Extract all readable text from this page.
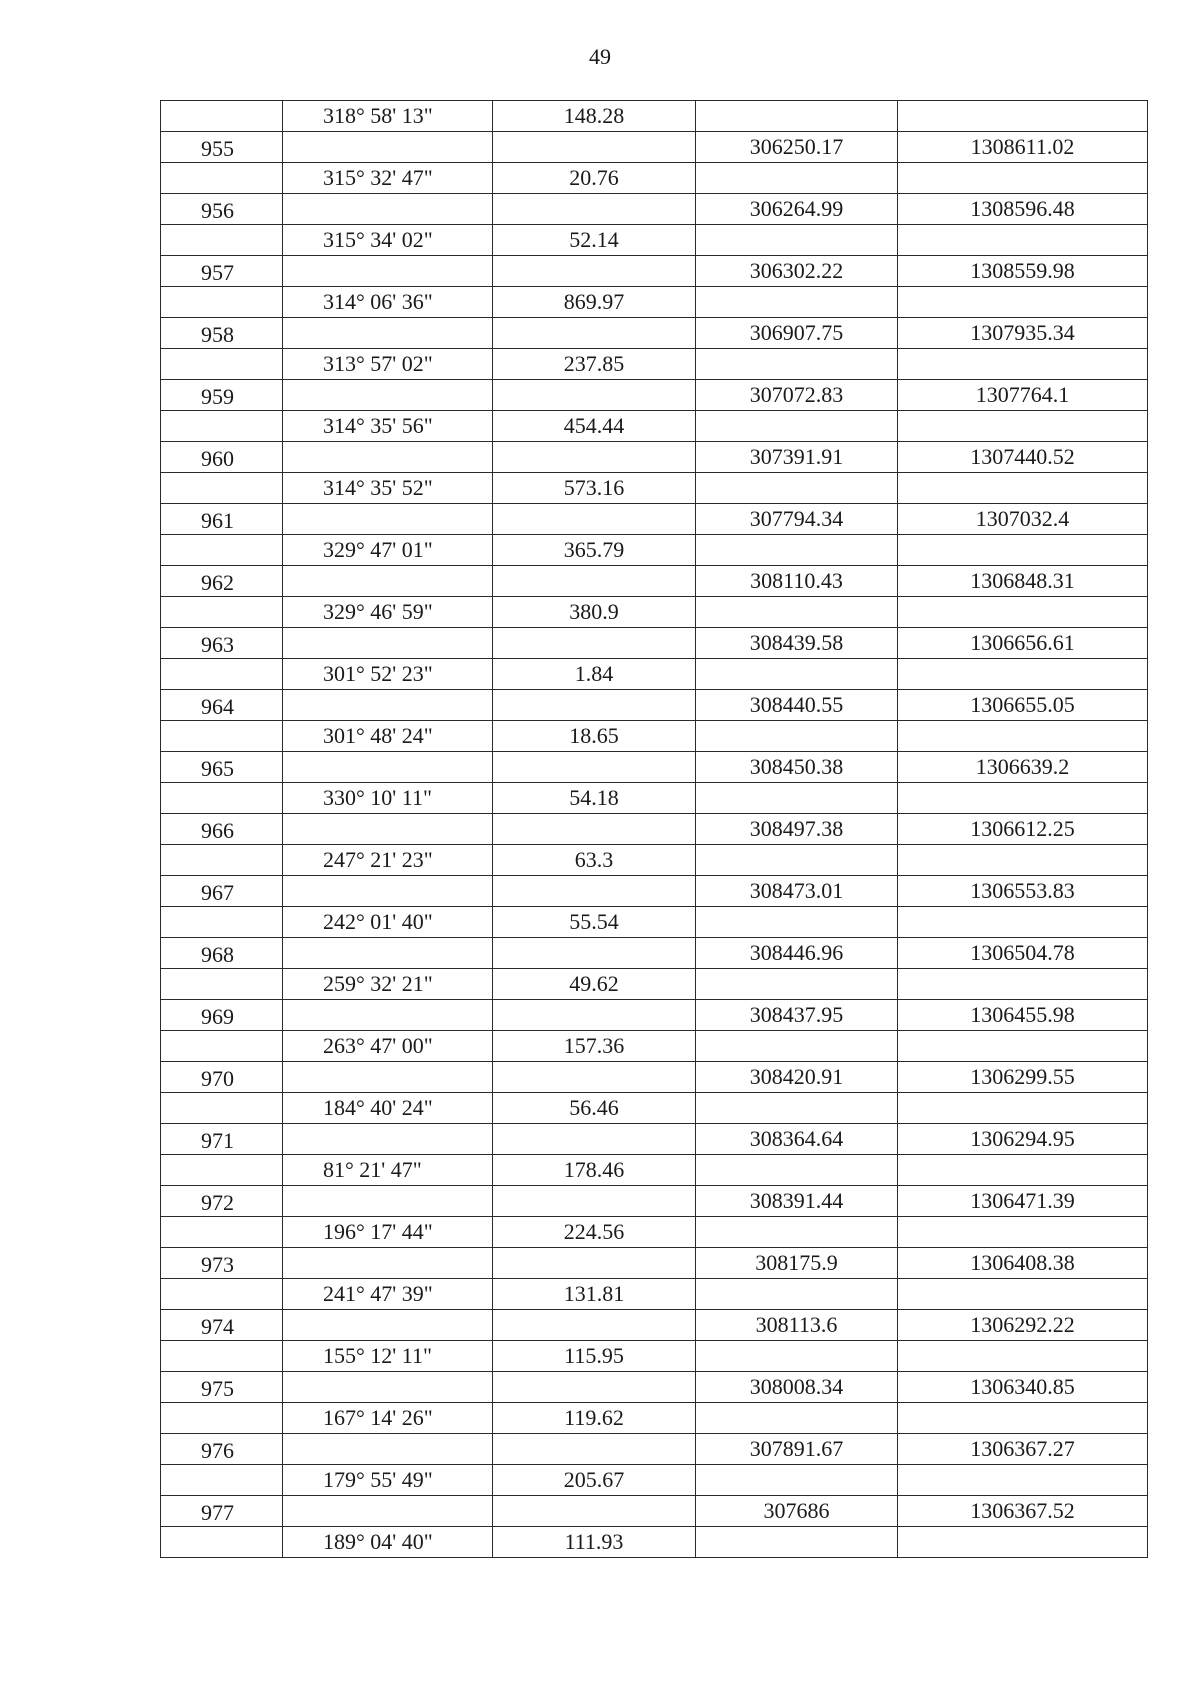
49
	318° 58' 13"	148.28		
955			306250.17	1308611.02
	315° 32' 47"	20.76		
956			306264.99	1308596.48
	315° 34' 02"	52.14		
957			306302.22	1308559.98
	314° 06' 36"	869.97		
958			306907.75	1307935.34
	313° 57' 02"	237.85		
959			307072.83	1307764.1
	314° 35' 56"	454.44		
960			307391.91	1307440.52
	314° 35' 52"	573.16		
961			307794.34	1307032.4
	329° 47' 01"	365.79		
962			308110.43	1306848.31
	329° 46' 59"	380.9		
963			308439.58	1306656.61
	301° 52' 23"	1.84		
964			308440.55	1306655.05
	301° 48' 24"	18.65		
965			308450.38	1306639.2
	330° 10' 11"	54.18		
966			308497.38	1306612.25
	247° 21' 23"	63.3		
967			308473.01	1306553.83
	242° 01' 40"	55.54		
968			308446.96	1306504.78
	259° 32' 21"	49.62		
969			308437.95	1306455.98
	263° 47' 00"	157.36		
970			308420.91	1306299.55
	184° 40' 24"	56.46		
971			308364.64	1306294.95
	81° 21' 47"	178.46		
972			308391.44	1306471.39
	196° 17' 44"	224.56		
973			308175.9	1306408.38
	241° 47' 39"	131.81		
974			308113.6	1306292.22
	155° 12' 11"	115.95		
975			308008.34	1306340.85
	167° 14' 26"	119.62		
976			307891.67	1306367.27
	179° 55' 49"	205.67		
977			307686	1306367.52
	189° 04' 40"	111.93		
